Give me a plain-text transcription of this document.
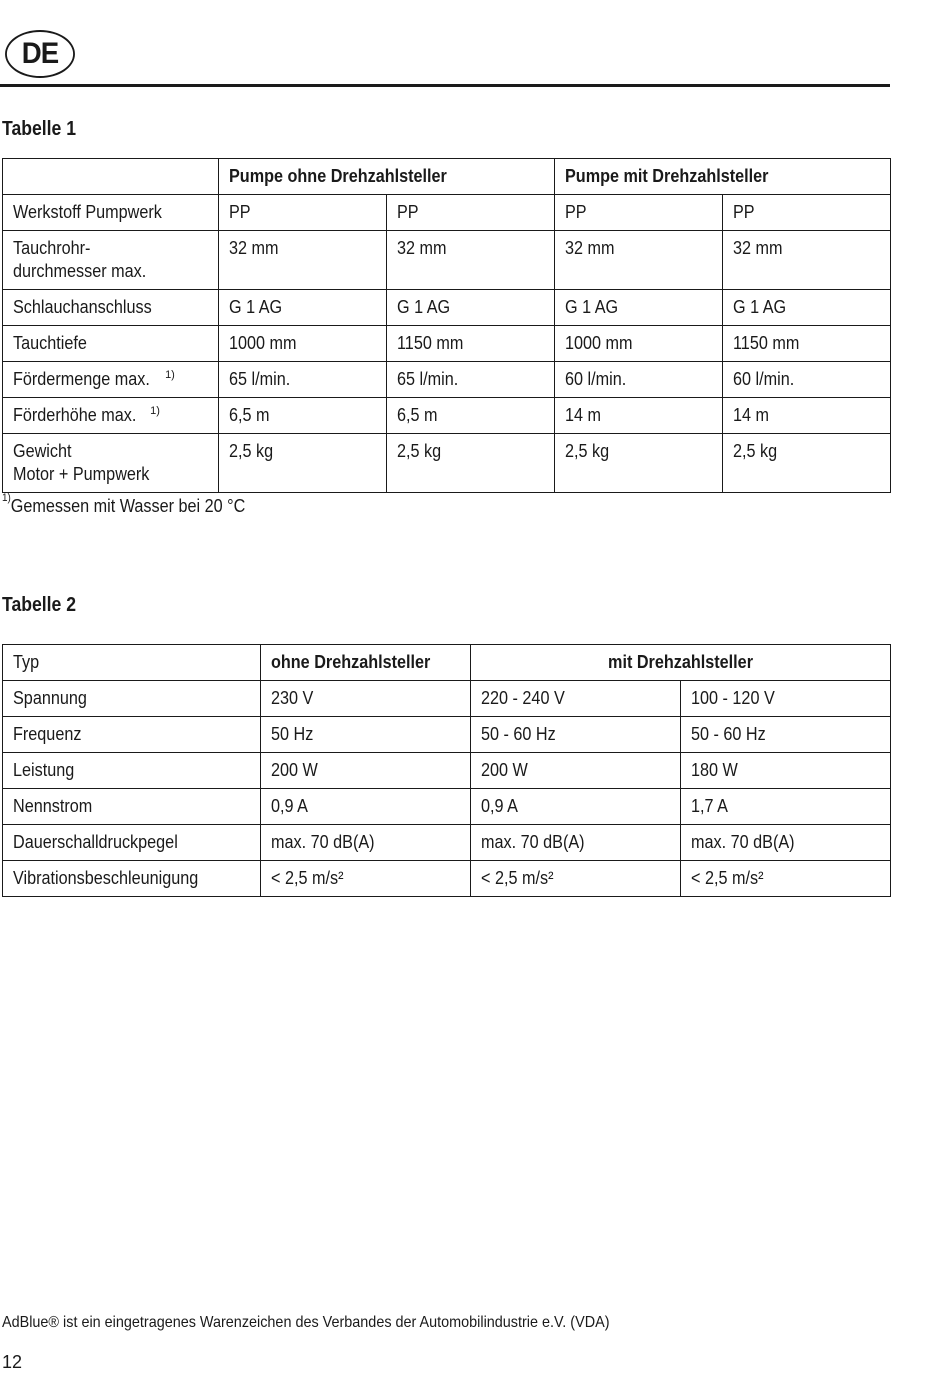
DE
Tabelle 1
	Pumpe ohne Drehzahlsteller		Pumpe mit Drehzahlsteller	
Werkstoff Pumpwerk	PP	PP	PP	PP
Tauchrohr-
durchmesser max.	32 mm	32 mm	32 mm	32 mm
Schlauchanschluss	G 1 AG	G 1 AG	G 1 AG	G 1 AG
Tauchtiefe	1000 mm	1150 mm	1000 mm	1150 mm
Fördermenge max. $^{1)}$	65 l/min.	65 l/min.	60 l/min.	60 l/min.
Förderhöhe max. $^{1)}$	6,5 m	6,5 m	14 m	14 m
Gewicht
Motor + Pumpwerk	2,5 kg	2,5 kg	2,5 kg	2,5 kg
$^{1)}$Gemessen mit Wasser bei 20 °C
Tabelle 2
Typ	ohne Drehzahlsteller	mit Drehzahlsteller	
Spannung	230 V	220 - 240 V	100 - 120 V
Frequenz	50 Hz	50 - 60 Hz	50 - 60 Hz
Leistung	200 W	200 W	180 W
Nennstrom	0,9 A	0,9 A	1,7 A
Dauerschalldruckpegel	max. 70 dB(A)	max. 70 dB(A)	max. 70 dB(A)
Vibrationsbeschleunigung	< 2,5 m/s²	< 2,5 m/s²	< 2,5 m/s²
AdBlue® ist ein eingetragenes Warenzeichen des Verbandes der Automobilindustrie e.V. (VDA)
12
